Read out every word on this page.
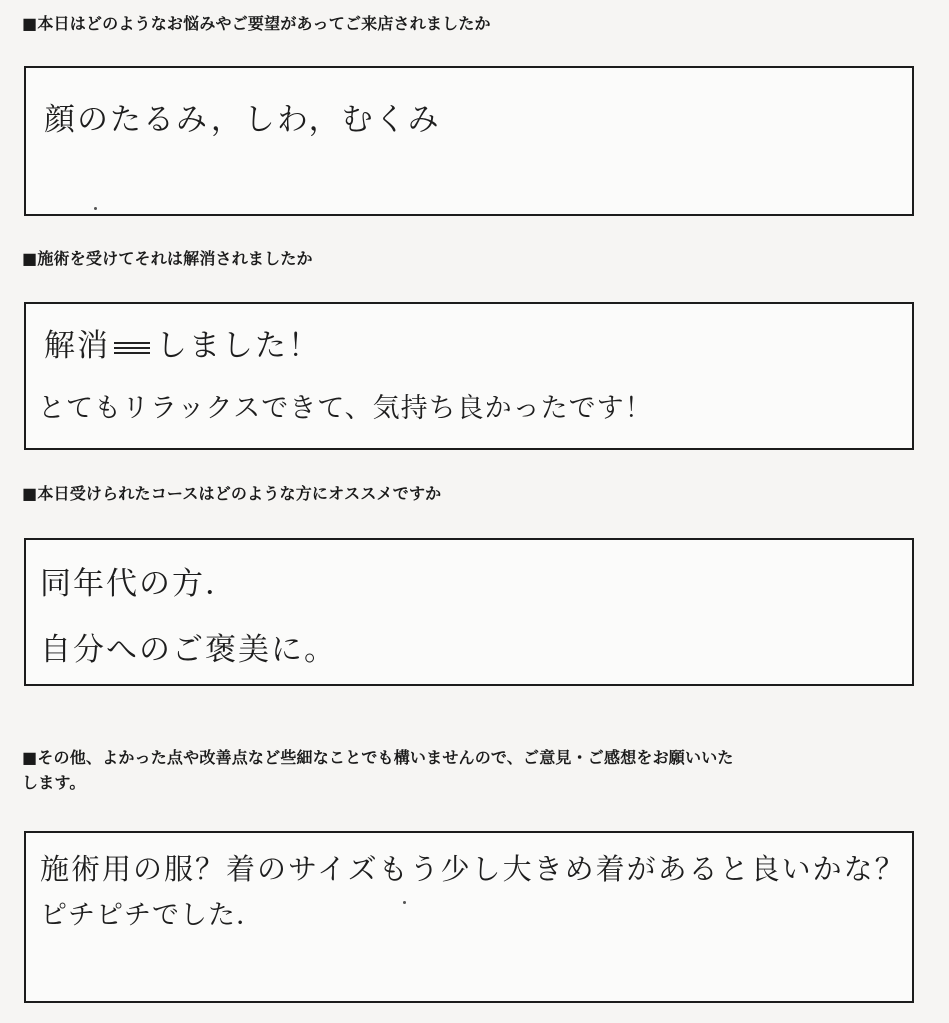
■本日はどのようなお悩みやご要望があってご来店されましたか
顔のたるみ，しわ，むくみ
■施術を受けてそれは解消されましたか
解消 しました！
とてもリラックスできて、気持ち良かったです！
■本日受けられたコースはどのような方にオススメですか
同年代の方．
自分へのご褒美に。
■その他、よかった点や改善点など些細なことでも構いませんので、ご意見・ご感想をお願いいた
します。
施術用の服？着のサイズもう少し大きめ着があると良いかな？
ピチピチでした．
